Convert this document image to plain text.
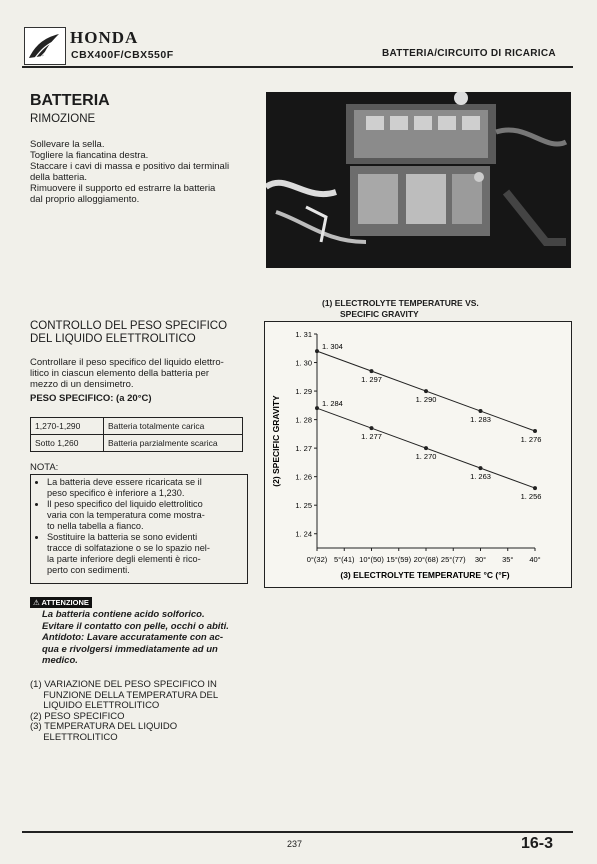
HONDA
CBX400F/CBX550F	BATTERIA/CIRCUITO DI RICARICA
BATTERIA
RIMOZIONE
Sollevare la sella.
Togliere la fiancatina destra.
Staccare i cavi di massa e positivo dai terminali
della batteria.
Rimuovere il supporto ed estrarre la batteria
dal proprio alloggiamento.
(1) ELECTROLYTE TEMPERATURE VS.
SPECIFIC GRAVITY
1. 31
1. 30
1. 29
1. 28
1. 27
1. 26
1. 25
1. 24
0°(32) 5°(41) 10°(50) 15°(59) 20°(68) 25°(77) 30° 35° 40°
(3) ELECTROLYTE TEMPERATURE °C (°F)
(2) SPECIFIC GRAVITY
1. 304
1. 297
1. 290
1. 283
1. 276
1. 284
1. 277
1. 270
1. 263
1. 256
CONTROLLO DEL PESO SPECIFICO
DEL LIQUIDO ELETTROLITICO
Controllare il peso specifico del liquido elettro-
litico in ciascun elemento della batteria per
mezzo di un densimetro.
PESO SPECIFICO: (a 20°C)
1,270-1,290	Batteria totalmente carica
Sotto 1,260	Batteria parzialmente scarica
NOTA:
• La batteria deve essere ricaricata se il
peso specifico è inferiore a 1,230.
• Il peso specifico del liquido elettrolitico
varia con la temperatura come mostra-
to nella tabella a fianco.
• Sostituire la batteria se sono evidenti
tracce di solfatazione o se lo spazio nel-
la parte inferiore degli elementi è rico-
perto con sedimenti.
⚠ ATTENZIONE
La batteria contiene acido solforico.
Evitare il contatto con pelle, occhi o abiti.
Antidoto: Lavare accuratamente con ac-
qua e rivolgersi immediatamente ad un
medico.
(1) VARIAZIONE DEL PESO SPECIFICO IN
FUNZIONE DELLA TEMPERATURA DEL
LIQUIDO ELETTROLITICO
(2) PESO SPECIFICO
(3) TEMPERATURA DEL LIQUIDO
ELETTROLITICO
237	16-3
